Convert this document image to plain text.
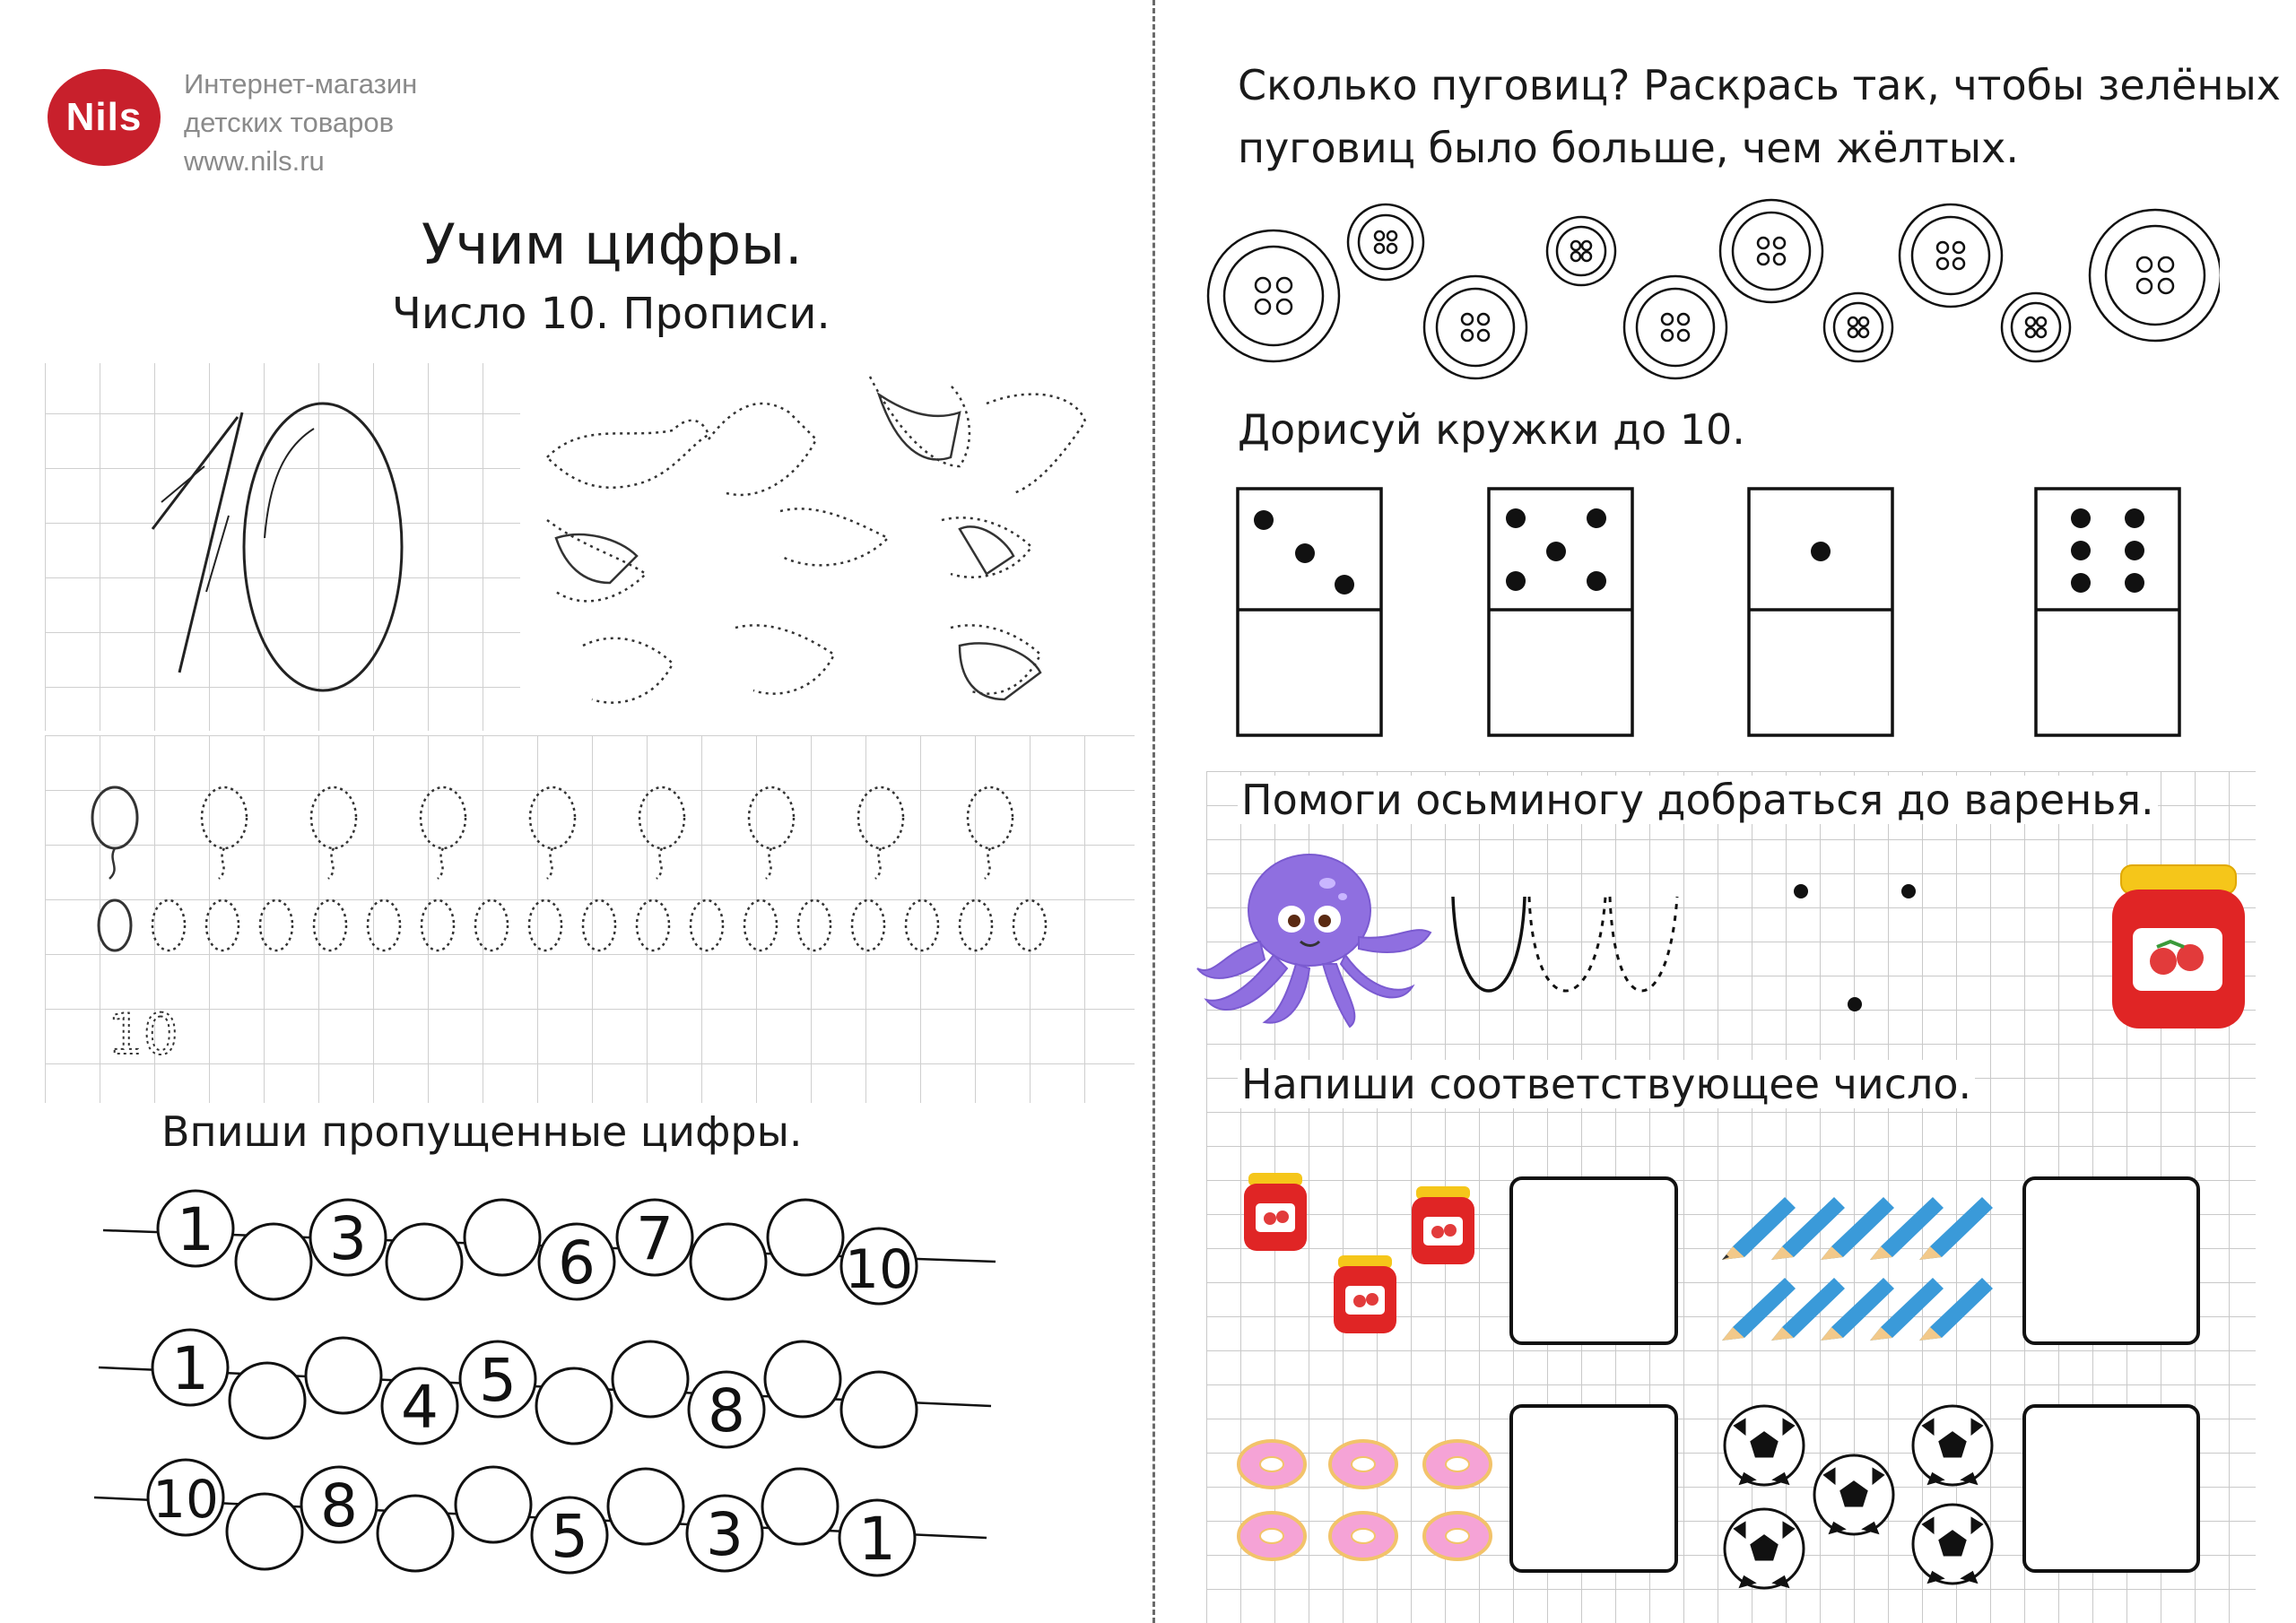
Nils
Интернет-магазин
детских товаров
www.nils.ru
Учим цифры.
Число 10. Прописи.
10
Впиши пропущенные цифры.
1 3	6 7	10
1
4 5	8
10 8	5 3 1
Сколько пуговиц? Раскрась так, чтобы зелёных
пуговиц было больше, чем жёлтых.
Дорисуй кружки до 10.
Помоги осьминогу добраться до варенья.
Напиши соответствующее число.
